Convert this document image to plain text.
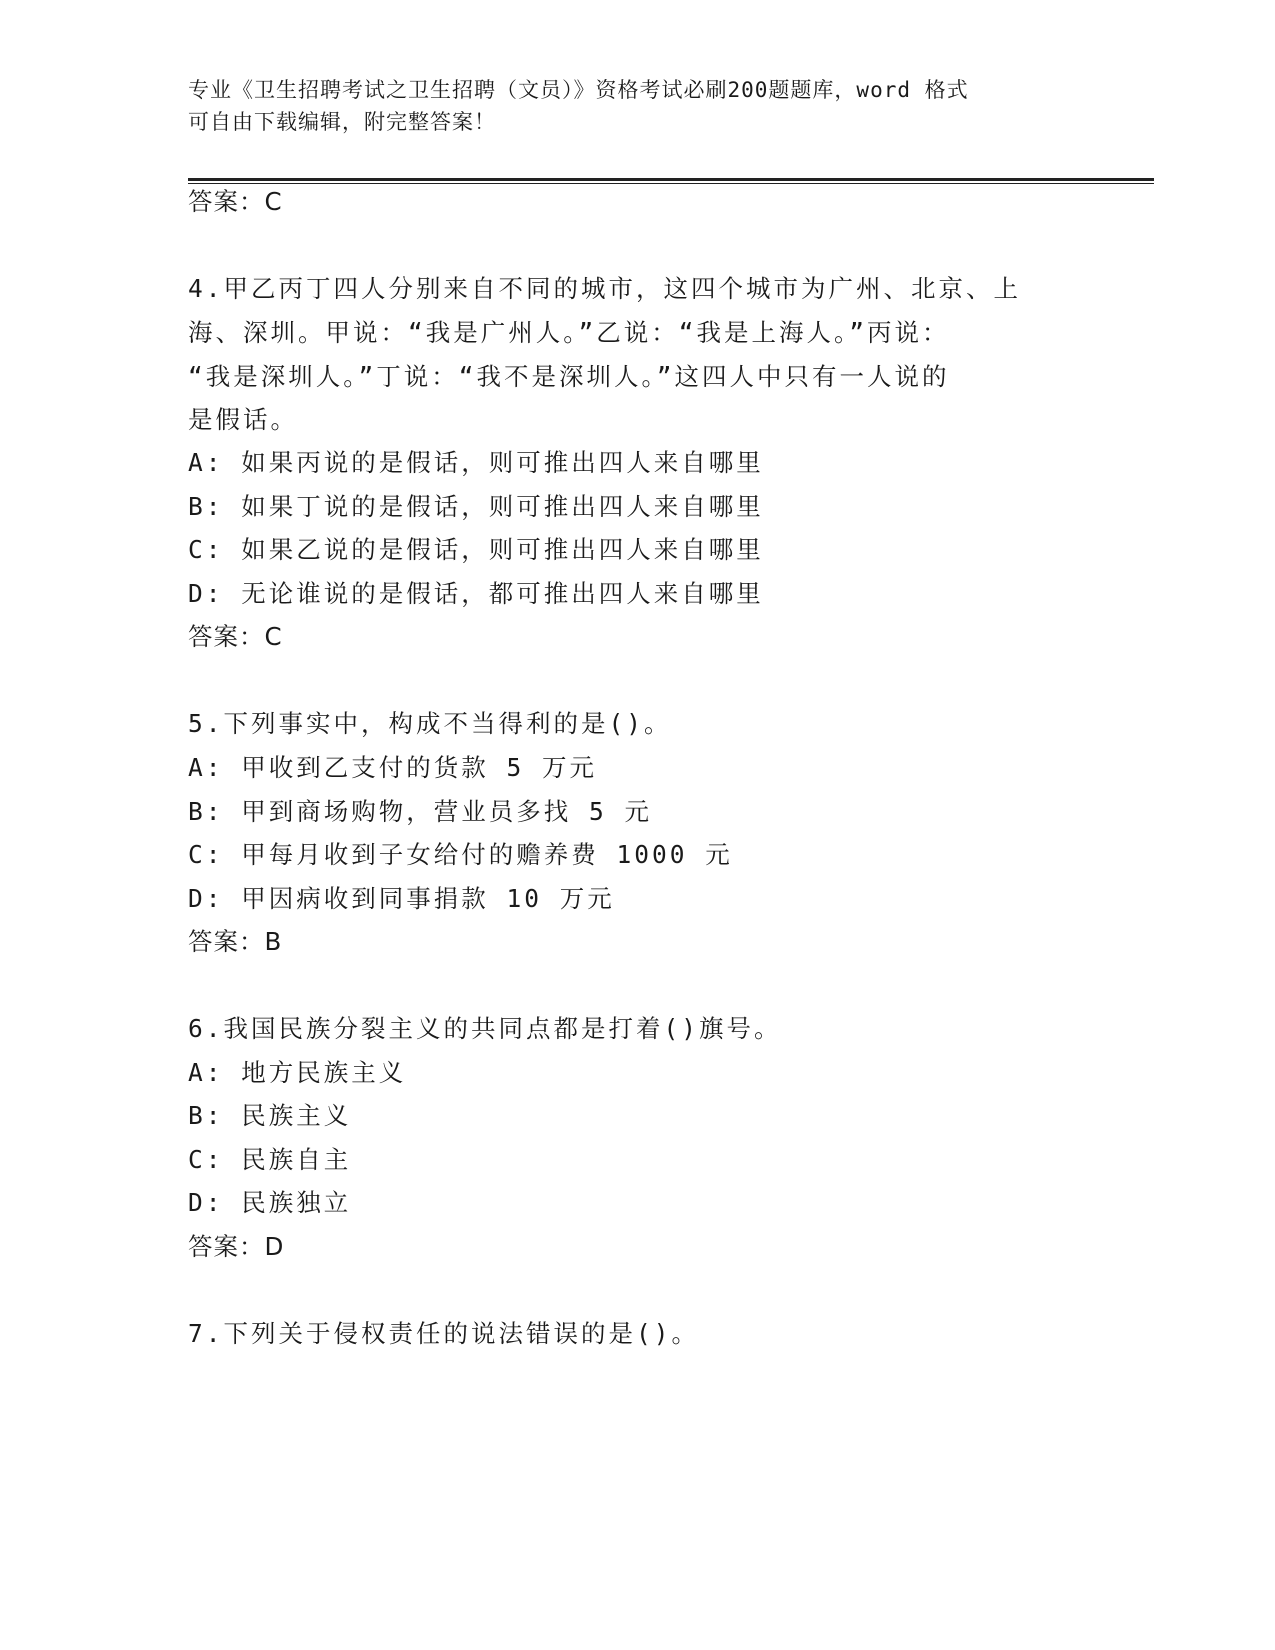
专业《卫生招聘考试之卫生招聘（文员）》资格考试必刷200题题库，word 格式
可自由下载编辑，附完整答案！
答案：C
4.甲乙丙丁四人分别来自不同的城市，这四个城市为广州、北京、上
海、深圳。甲说：“我是广州人。”乙说：“我是上海人。”丙说：
“我是深圳人。”丁说：“我不是深圳人。”这四人中只有一人说的
是假话。
A: 如果丙说的是假话，则可推出四人来自哪里
B: 如果丁说的是假话，则可推出四人来自哪里
C: 如果乙说的是假话，则可推出四人来自哪里
D: 无论谁说的是假话，都可推出四人来自哪里
答案：C
5.下列事实中，构成不当得利的是()。
A: 甲收到乙支付的货款 5 万元
B: 甲到商场购物，营业员多找 5 元
C: 甲每月收到子女给付的赡养费 1000 元
D: 甲因病收到同事捐款 10 万元
答案：B
6.我国民族分裂主义的共同点都是打着()旗号。
A: 地方民族主义
B: 民族主义
C: 民族自主
D: 民族独立
答案：D
7.下列关于侵权责任的说法错误的是()。
